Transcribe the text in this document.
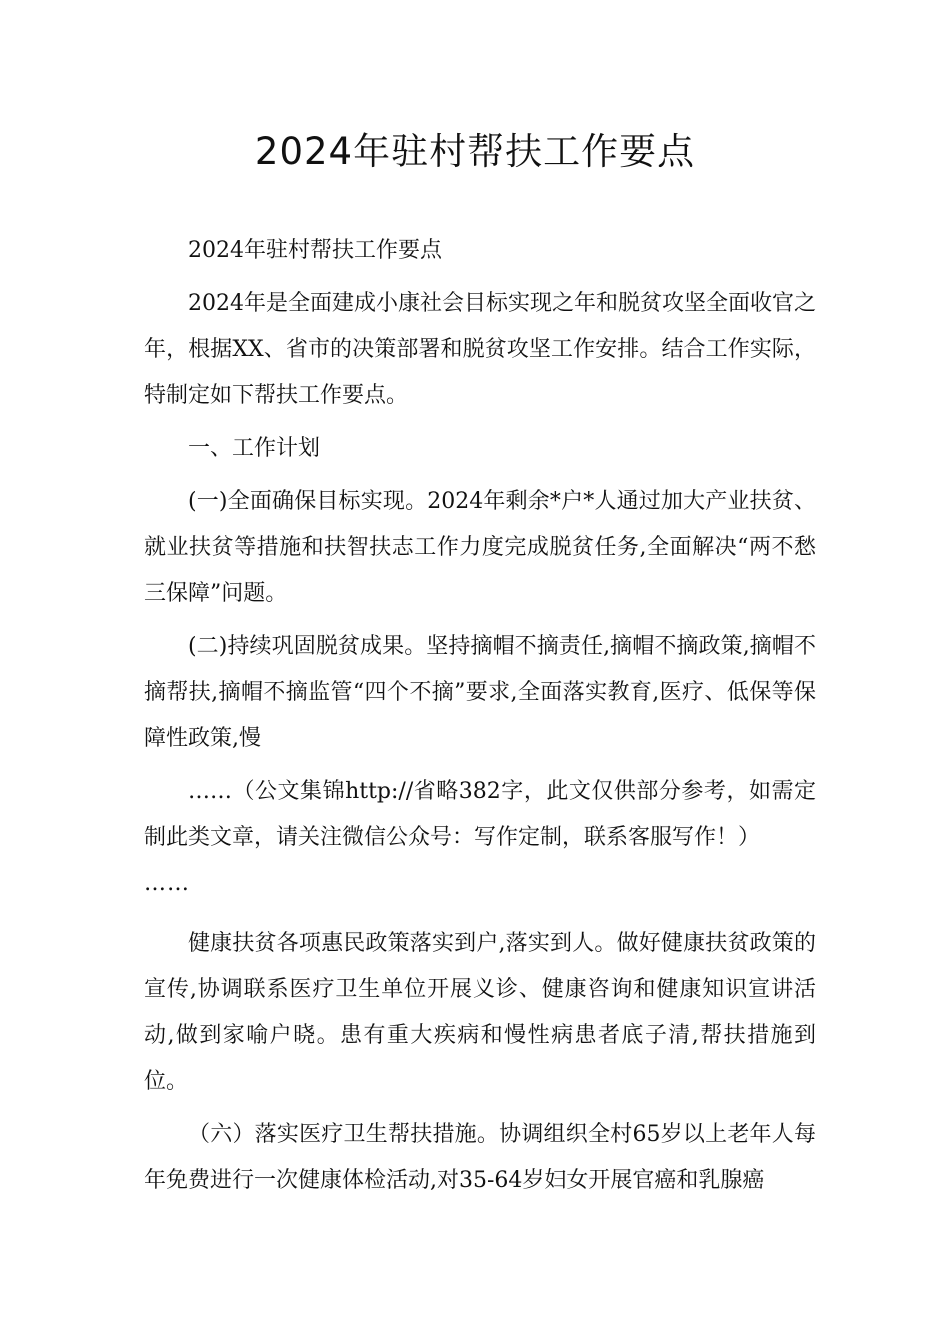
2024年驻村帮扶工作要点

2024年驻村帮扶工作要点

2024年是全面建成小康社会目标实现之年和脱贫攻坚全面收官之年，根据XX、省市的决策部署和脱贫攻坚工作安排。结合工作实际，特制定如下帮扶工作要点。

一、工作计划

(一)全面确保目标实现。2024年剩余*户*人通过加大产业扶贫、就业扶贫等措施和扶智扶志工作力度完成脱贫任务,全面解决“两不愁三保障”问题。

(二)持续巩固脱贫成果。坚持摘帽不摘责任,摘帽不摘政策,摘帽不摘帮扶,摘帽不摘监管“四个不摘”要求,全面落实教育,医疗、低保等保障性政策,慢

……（公文集锦http://省略382字，此文仅供部分参考，如需定制此类文章，请关注微信公众号：写作定制，联系客服写作！）

……

健康扶贫各项惠民政策落实到户,落实到人。做好健康扶贫政策的宣传,协调联系医疗卫生单位开展义诊、健康咨询和健康知识宣讲活动,做到家喻户晓。患有重大疾病和慢性病患者底子清,帮扶措施到位。

（六）落实医疗卫生帮扶措施。协调组织全村65岁以上老年人每年免费进行一次健康体检活动,对35-64岁妇女开展官癌和乳腺癌
